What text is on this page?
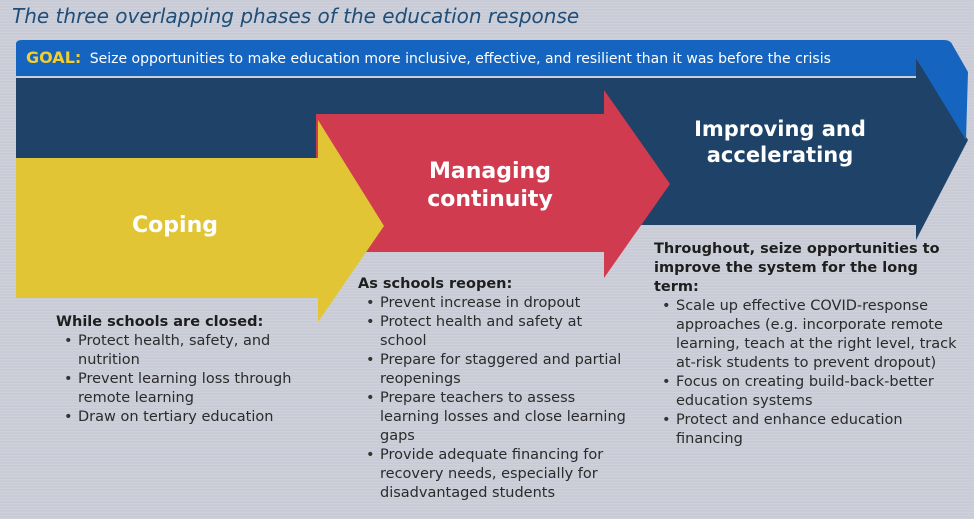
The three overlapping phases of the education response
GOAL: Seize opportunities to make education more inclusive, effective, and resilient than it was before the crisis
Coping
Managing continuity
Improving and accelerating
While schools are closed:
• Protect health, safety, and nutrition
• Prevent learning loss through remote learning
• Draw on tertiary education
As schools reopen:
• Prevent increase in dropout
• Protect health and safety at school
• Prepare for staggered and partial reopenings
• Prepare teachers to assess learning losses and close learning gaps
• Provide adequate financing for recovery needs, especially for disadvantaged students
Throughout, seize opportunities to improve the system for the long term:
• Scale up effective COVID-response approaches (e.g. incorporate remote learning, teach at the right level, track at-risk students to prevent dropout)
• Focus on creating build-back-better education systems
• Protect and enhance education financing
